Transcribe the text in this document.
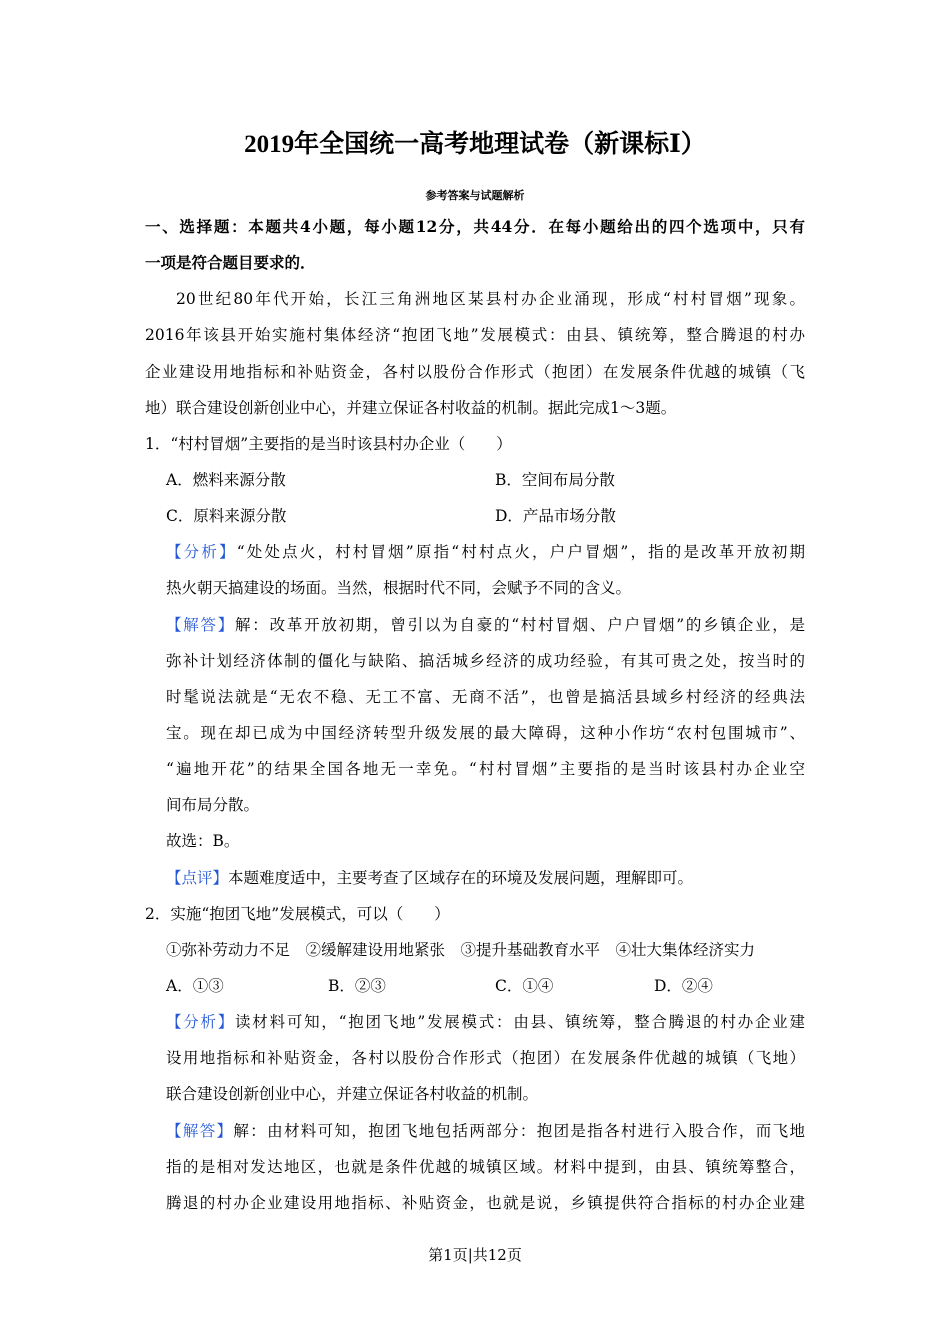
2019年全国统一高考地理试卷（新课标Ⅰ）
参考答案与试题解析
一、选择题：本题共4小题，每小题12分，共44分．在每小题给出的四个选项中，只有
一项是符合题目要求的．
20世纪80年代开始，长江三角洲地区某县村办企业涌现，形成“村村冒烟”现象。
2016年该县开始实施村集体经济“抱团飞地”发展模式：由县、镇统筹，整合腾退的村办
企业建设用地指标和补贴资金，各村以股份合作形式（抱团）在发展条件优越的城镇（飞
地）联合建设创新创业中心，并建立保证各村收益的机制。据此完成1～3题。
1．“村村冒烟”主要指的是当时该县村办企业（　　）
A．燃料来源分散	B．空间布局分散
C．原料来源分散	D．产品市场分散
【分析】“处处点火，村村冒烟”原指“村村点火，户户冒烟”，指的是改革开放初期
热火朝天搞建设的场面。当然，根据时代不同，会赋予不同的含义。
【解答】解：改革开放初期，曾引以为自豪的“村村冒烟、户户冒烟”的乡镇企业，是
弥补计划经济体制的僵化与缺陷、搞活城乡经济的成功经验，有其可贵之处，按当时的
时髦说法就是“无农不稳、无工不富、无商不活”，也曾是搞活县域乡村经济的经典法
宝。现在却已成为中国经济转型升级发展的最大障碍，这种小作坊“农村包围城市”、
“遍地开花”的结果全国各地无一幸免。“村村冒烟”主要指的是当时该县村办企业空
间布局分散。
故选：B。
【点评】本题难度适中，主要考查了区域存在的环境及发展问题，理解即可。
2．实施“抱团飞地”发展模式，可以（　　）
①弥补劳动力不足　②缓解建设用地紧张　③提升基础教育水平　④壮大集体经济实力
A．①③	B．②③	C．①④	D．②④
【分析】读材料可知，“抱团飞地”发展模式：由县、镇统筹，整合腾退的村办企业建
设用地指标和补贴资金，各村以股份合作形式（抱团）在发展条件优越的城镇（飞地）
联合建设创新创业中心，并建立保证各村收益的机制。
【解答】解：由材料可知，抱团飞地包括两部分：抱团是指各村进行入股合作，而飞地
指的是相对发达地区，也就是条件优越的城镇区域。材料中提到，由县、镇统筹整合，
腾退的村办企业建设用地指标、补贴资金，也就是说，乡镇提供符合指标的村办企业建
第1页|共12页
